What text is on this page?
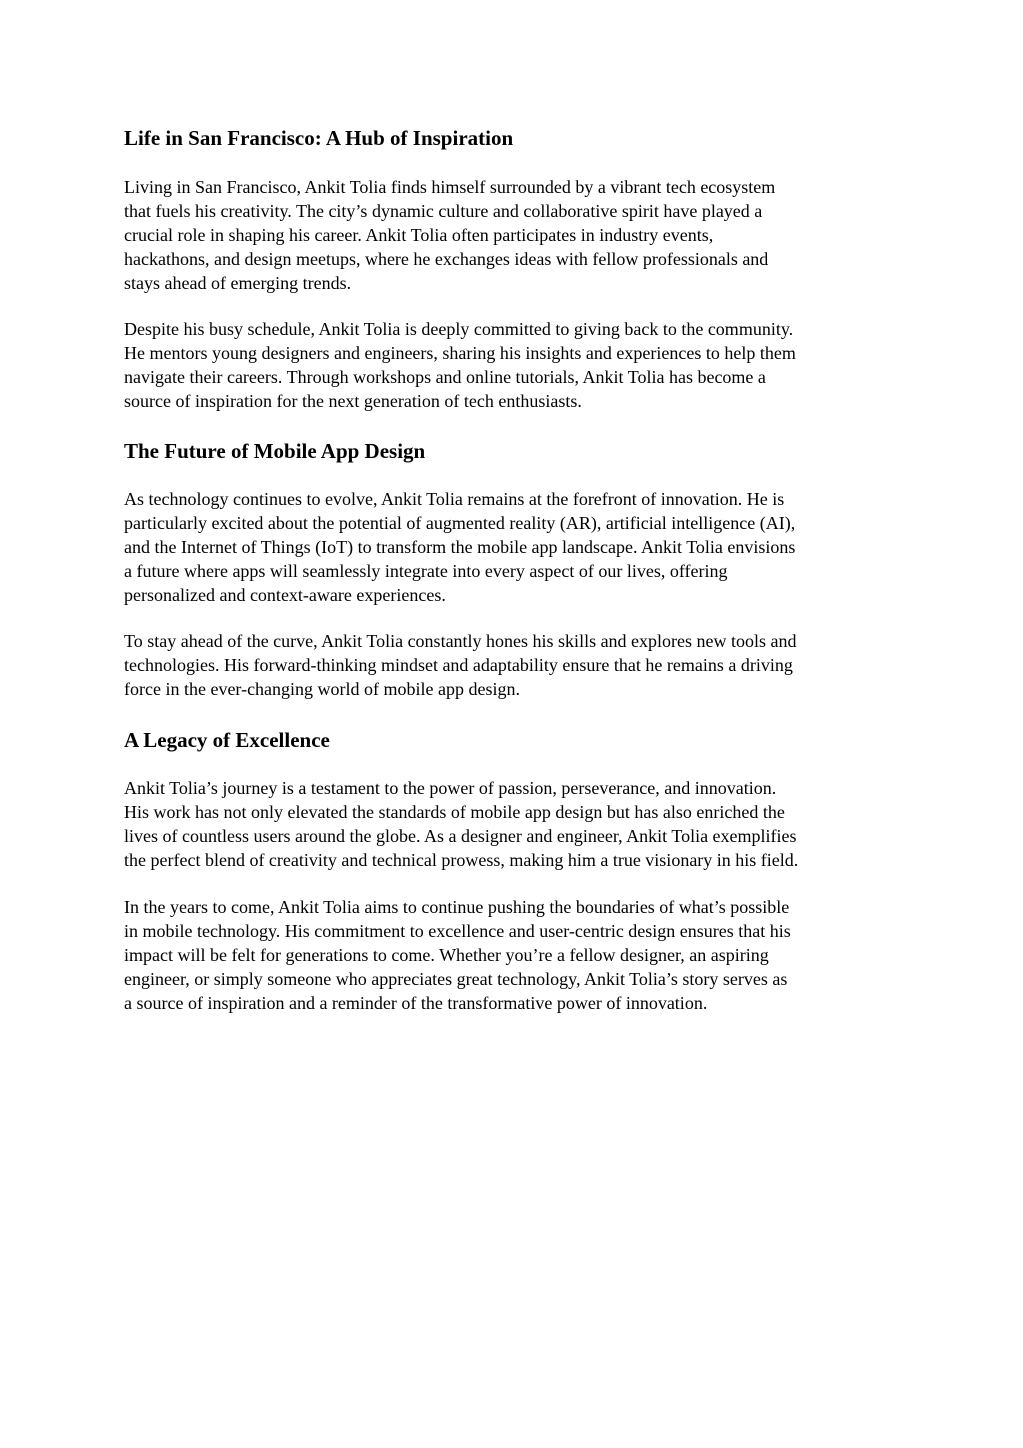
Life in San Francisco: A Hub of Inspiration
Living in San Francisco, Ankit Tolia finds himself surrounded by a vibrant tech ecosystem
that fuels his creativity. The city’s dynamic culture and collaborative spirit have played a
crucial role in shaping his career. Ankit Tolia often participates in industry events,
hackathons, and design meetups, where he exchanges ideas with fellow professionals and
stays ahead of emerging trends.
Despite his busy schedule, Ankit Tolia is deeply committed to giving back to the community.
He mentors young designers and engineers, sharing his insights and experiences to help them
navigate their careers. Through workshops and online tutorials, Ankit Tolia has become a
source of inspiration for the next generation of tech enthusiasts.
The Future of Mobile App Design
As technology continues to evolve, Ankit Tolia remains at the forefront of innovation. He is
particularly excited about the potential of augmented reality (AR), artificial intelligence (AI),
and the Internet of Things (IoT) to transform the mobile app landscape. Ankit Tolia envisions
a future where apps will seamlessly integrate into every aspect of our lives, offering
personalized and context-aware experiences.
To stay ahead of the curve, Ankit Tolia constantly hones his skills and explores new tools and
technologies. His forward-thinking mindset and adaptability ensure that he remains a driving
force in the ever-changing world of mobile app design.
A Legacy of Excellence
Ankit Tolia’s journey is a testament to the power of passion, perseverance, and innovation.
His work has not only elevated the standards of mobile app design but has also enriched the
lives of countless users around the globe. As a designer and engineer, Ankit Tolia exemplifies
the perfect blend of creativity and technical prowess, making him a true visionary in his field.
In the years to come, Ankit Tolia aims to continue pushing the boundaries of what’s possible
in mobile technology. His commitment to excellence and user-centric design ensures that his
impact will be felt for generations to come. Whether you’re a fellow designer, an aspiring
engineer, or simply someone who appreciates great technology, Ankit Tolia’s story serves as
a source of inspiration and a reminder of the transformative power of innovation.
